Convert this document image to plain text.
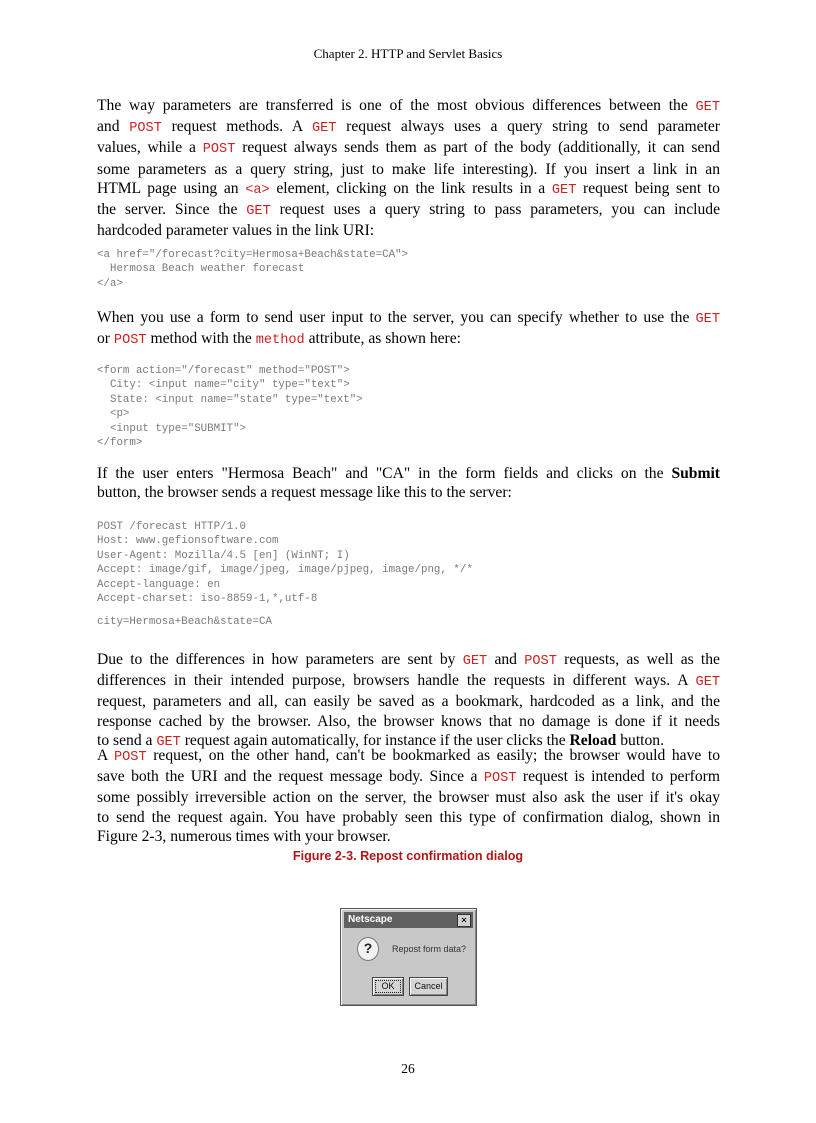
Chapter 2. HTTP and Servlet Basics
The way parameters are transferred is one of the most obvious differences between the GET
and POST request methods. A GET request always uses a query string to send parameter
values, while a POST request always sends them as part of the body (additionally, it can send
some parameters as a query string, just to make life interesting). If you insert a link in an
HTML page using an <a> element, clicking on the link results in a GET request being sent to
the server. Since the GET request uses a query string to pass parameters, you can include
hardcoded parameter values in the link URI:
<a href="/forecast?city=Hermosa+Beach&state=CA">
Hermosa Beach weather forecast
</a>
When you use a form to send user input to the server, you can specify whether to use the GET
or POST method with the method attribute, as shown here:
<form action="/forecast" method="POST">
City: <input name="city" type="text">
State: <input name="state" type="text">
<p>
<input type="SUBMIT">
</form>
If the user enters "Hermosa Beach" and "CA" in the form fields and clicks on the Submit
button, the browser sends a request message like this to the server:
POST /forecast HTTP/1.0
Host: www.gefionsoftware.com
User-Agent: Mozilla/4.5 [en] (WinNT; I)
Accept: image/gif, image/jpeg, image/pjpeg, image/png, */*
Accept-language: en
Accept-charset: iso-8859-1,*,utf-8
city=Hermosa+Beach&state=CA
Due to the differences in how parameters are sent by GET and POST requests, as well as the
differences in their intended purpose, browsers handle the requests in different ways. A GET
request, parameters and all, can easily be saved as a bookmark, hardcoded as a link, and the
response cached by the browser. Also, the browser knows that no damage is done if it needs
to send a GET request again automatically, for instance if the user clicks the Reload button.
A POST request, on the other hand, can't be bookmarked as easily; the browser would have to
save both the URI and the request message body. Since a POST request is intended to perform
some possibly irreversible action on the server, the browser must also ask the user if it's okay
to send the request again. You have probably seen this type of confirmation dialog, shown in
Figure 2-3, numerous times with your browser.
Figure 2-3. Repost confirmation dialog
Netscape	×
?	Repost form data?
OK	Cancel
26
